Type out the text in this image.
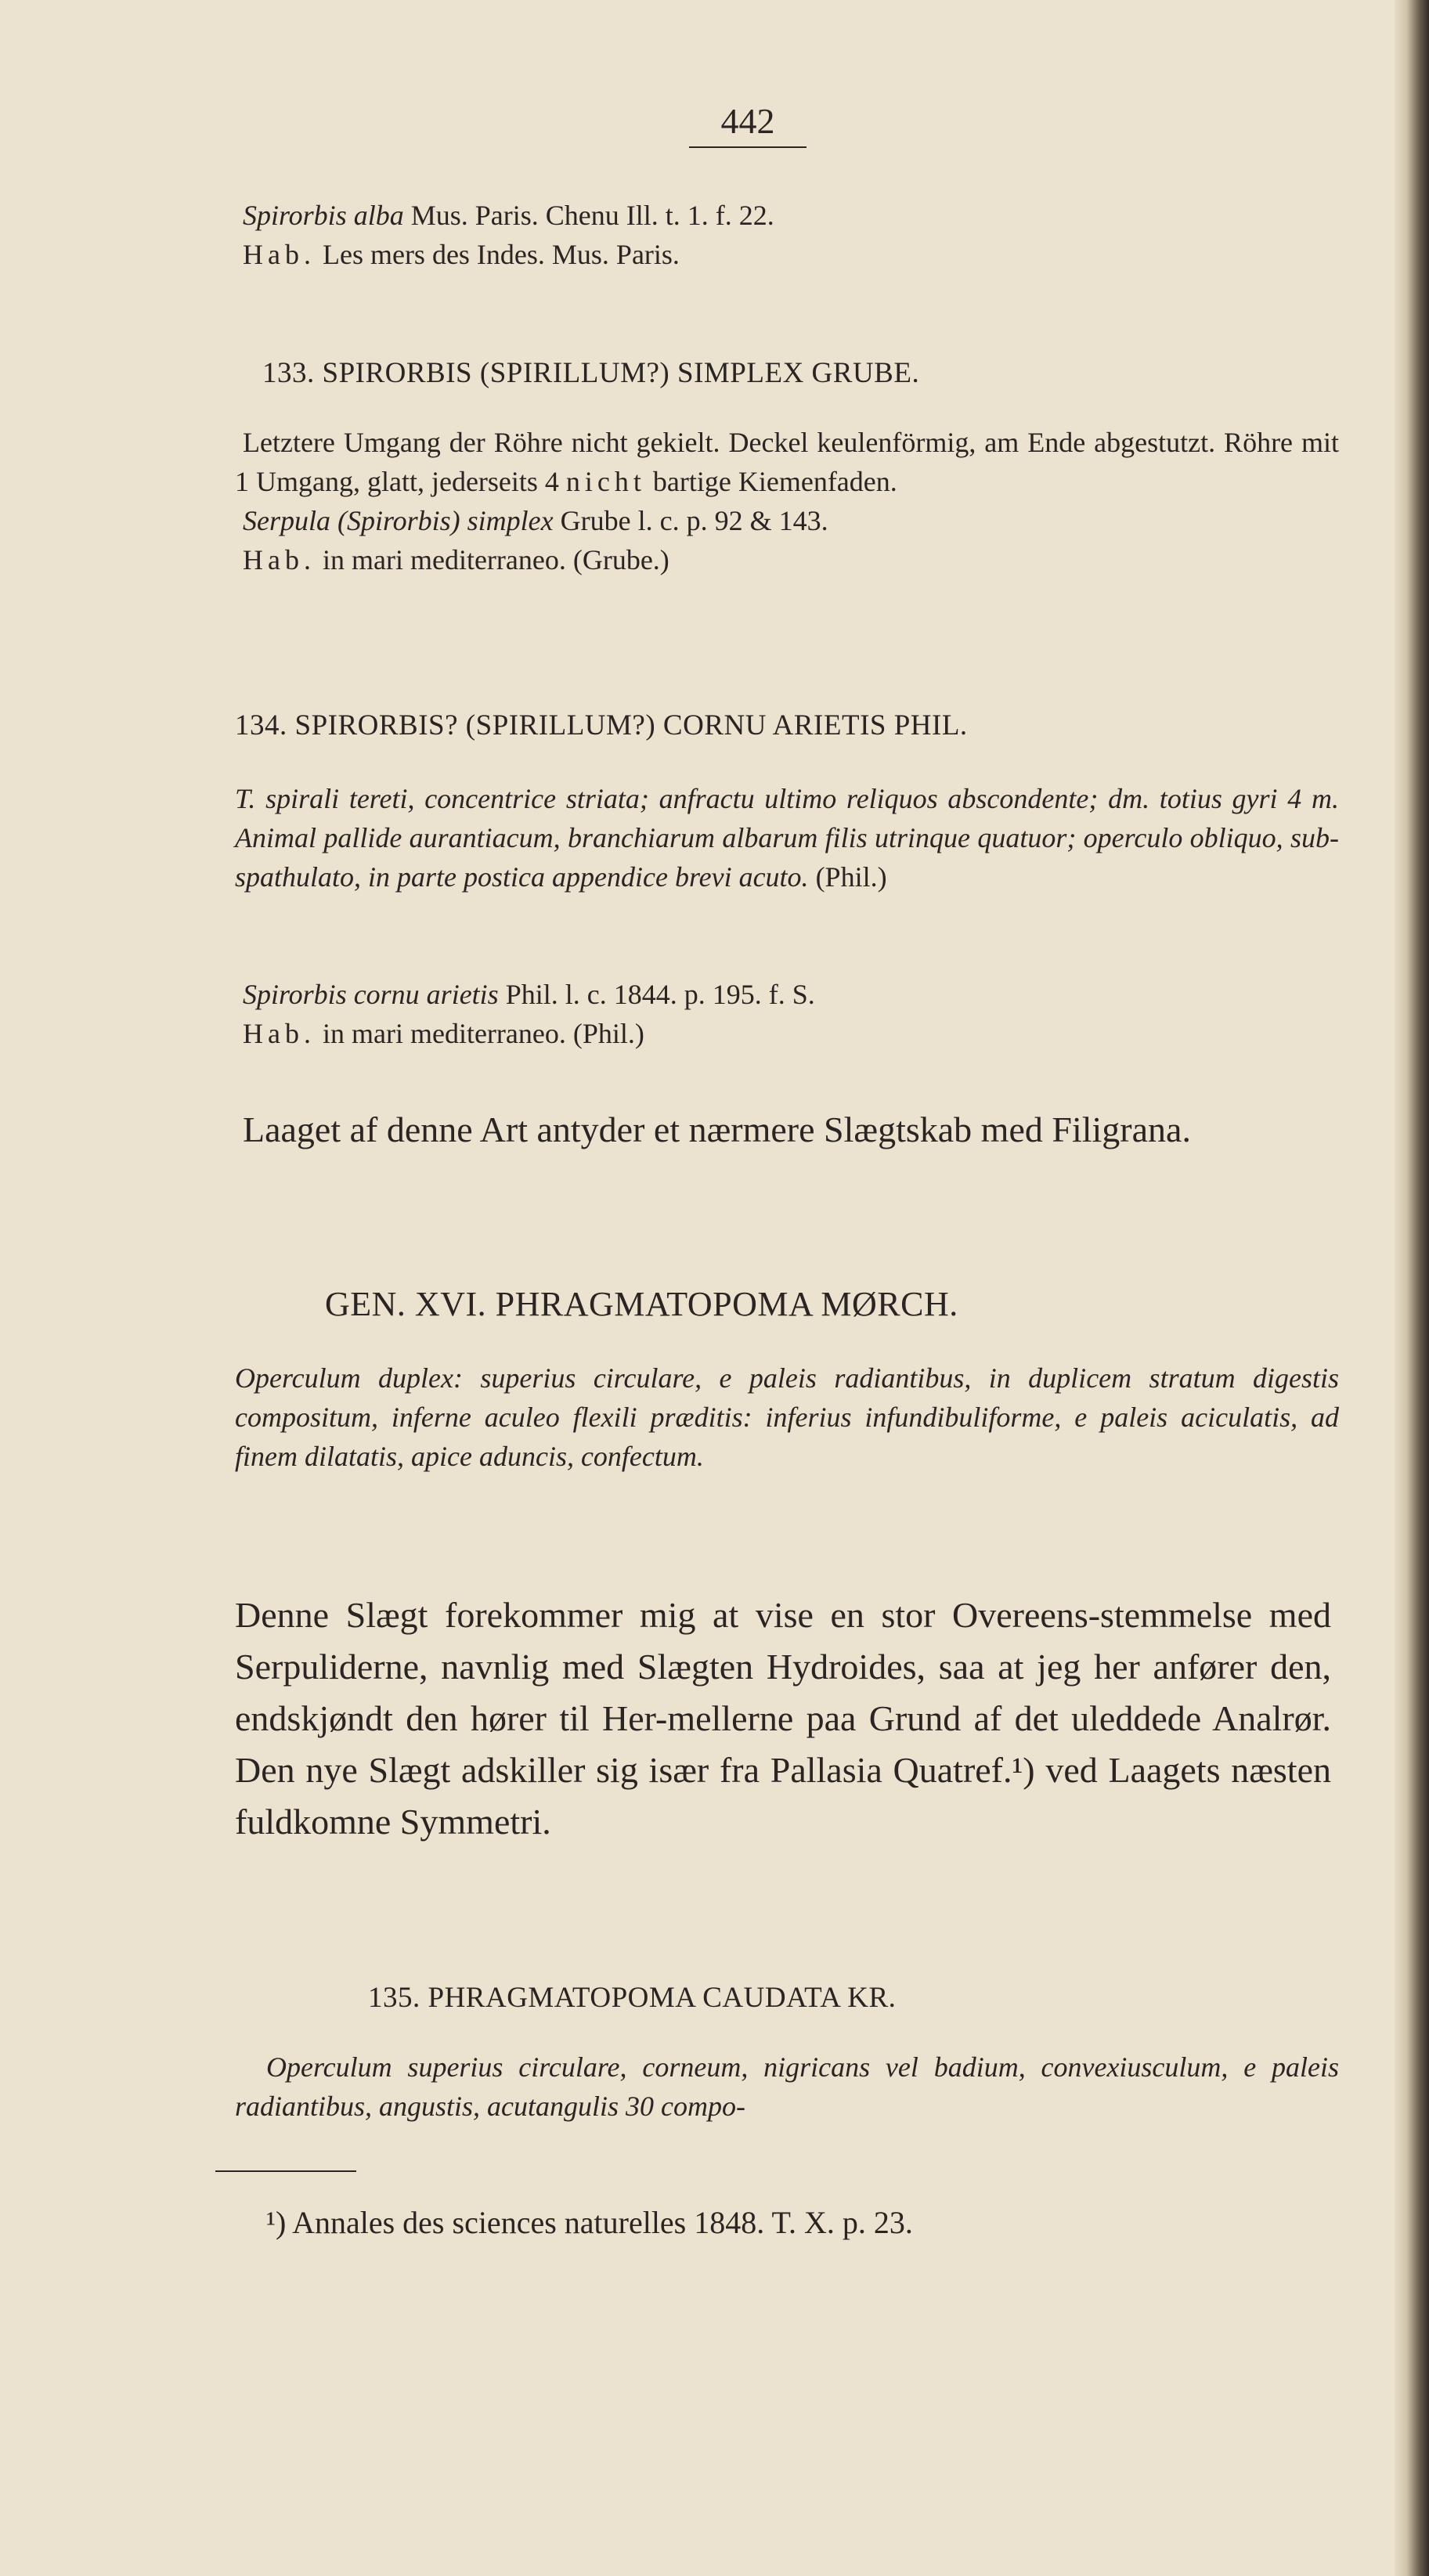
442

Spirorbis alba Mus. Paris. Chenu Ill. t. 1. f. 22.

Hab. Les mers des Indes. Mus. Paris.

133. SPIRORBIS (SPIRILLUM?) SIMPLEX GRUBE.

Letztere Umgang der Röhre nicht gekielt. Deckel keulenförmig, am Ende abgestutzt. Röhre mit 1 Umgang, glatt, jederseits 4 nicht bartige Kiemenfaden.

Serpula (Spirorbis) simplex Grube l. c. p. 92 & 143.

Hab. in mari mediterraneo. (Grube.)

134. SPIRORBIS? (SPIRILLUM?) CORNU ARIETIS PHIL.

T. spirali tereti, concentrice striata; anfractu ultimo reliquos abscondente; dm. totius gyri 4 m. Animal pallide aurantiacum, branchiarum albarum filis utrinque quatuor; operculo obliquo, sub-spathulato, in parte postica appendice brevi acuto. (Phil.)

Spirorbis cornu arietis Phil. l. c. 1844. p. 195. f. S.

Hab. in mari mediterraneo. (Phil.)

Laaget af denne Art antyder et nærmere Slægtskab med Filigrana.

GEN. XVI. PHRAGMATOPOMA MØRCH.

Operculum duplex: superius circulare, e paleis radiantibus, in duplicem stratum digestis compositum, inferne aculeo flexili præditis: inferius infundibuliforme, e paleis aciculatis, ad finem dilatatis, apice aduncis, confectum.

Denne Slægt forekommer mig at vise en stor Overeens-stemmelse med Serpuliderne, navnlig med Slægten Hydroides, saa at jeg her anfører den, endskjøndt den hører til Her-mellerne paa Grund af det uleddede Analrør. Den nye Slægt adskiller sig især fra Pallasia Quatref.¹) ved Laagets næsten fuldkomne Symmetri.

135. PHRAGMATOPOMA CAUDATA KR.

Operculum superius circulare, corneum, nigricans vel badium, convexiusculum, e paleis radiantibus, angustis, acutangulis 30 compo-

¹) Annales des sciences naturelles 1848. T. X. p. 23.
